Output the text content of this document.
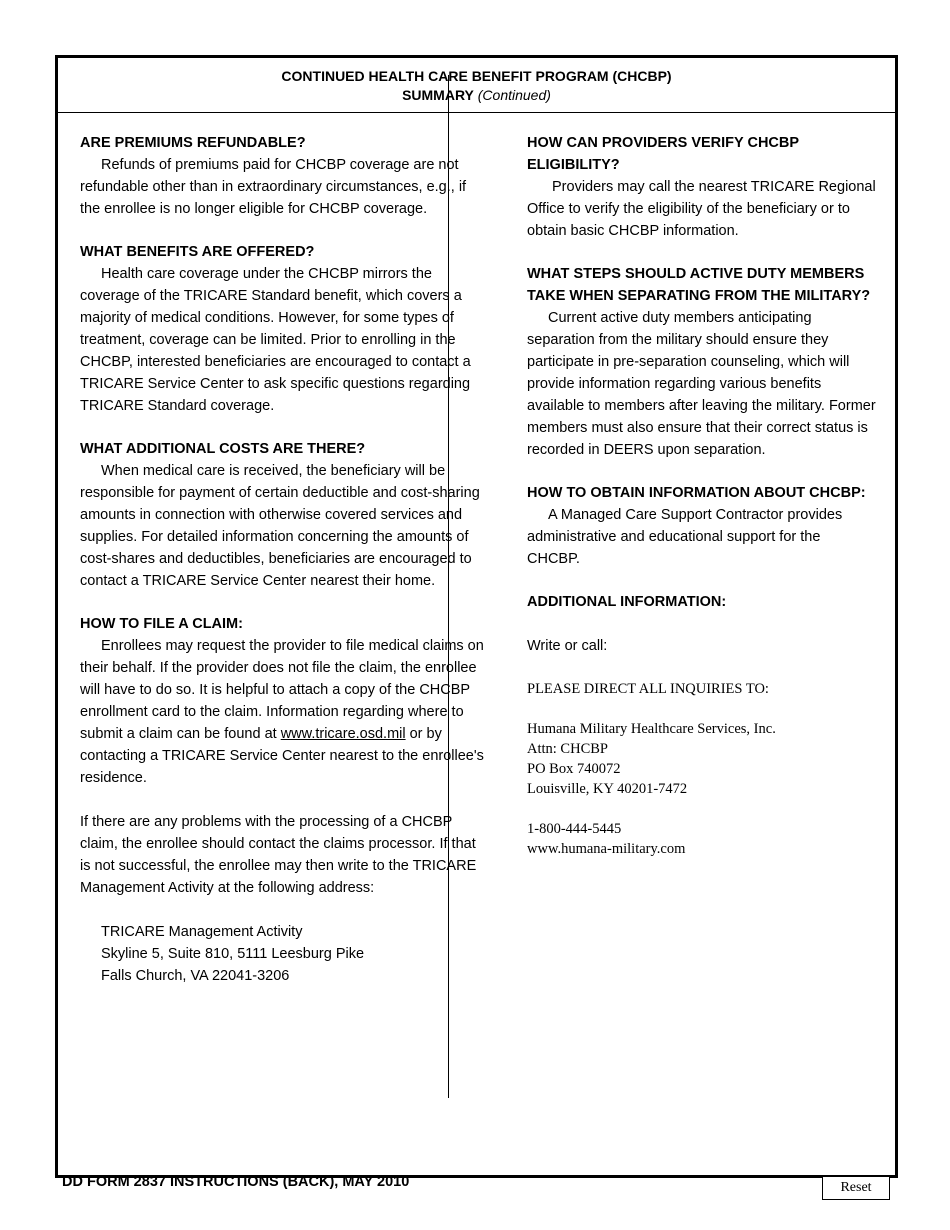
CONTINUED HEALTH CARE BENEFIT PROGRAM (CHCBP)
SUMMARY (Continued)
ARE PREMIUMS REFUNDABLE?
Refunds of premiums paid for CHCBP coverage are not refundable other than in extraordinary circumstances, e.g., if the enrollee is no longer eligible for CHCBP coverage.
WHAT BENEFITS ARE OFFERED?
Health care coverage under the CHCBP mirrors the coverage of the TRICARE Standard benefit, which covers a majority of medical conditions. However, for some types of treatment, coverage can be limited. Prior to enrolling in the CHCBP, interested beneficiaries are encouraged to contact a TRICARE Service Center to ask specific questions regarding TRICARE Standard coverage.
WHAT ADDITIONAL COSTS ARE THERE?
When medical care is received, the beneficiary will be responsible for payment of certain deductible and cost-sharing amounts in connection with otherwise covered services and supplies. For detailed information concerning the amounts of cost-shares and deductibles, beneficiaries are encouraged to contact a TRICARE Service Center nearest their home.
HOW TO FILE A CLAIM:
Enrollees may request the provider to file medical claims on their behalf. If the provider does not file the claim, the enrollee will have to do so. It is helpful to attach a copy of the CHCBP enrollment card to the claim. Information regarding where to submit a claim can be found at www.tricare.osd.mil or by contacting a TRICARE Service Center nearest to the enrollee's residence.
If there are any problems with the processing of a CHCBP claim, the enrollee should contact the claims processor. If that is not successful, the enrollee may then write to the TRICARE Management Activity at the following address:
TRICARE Management Activity
Skyline 5, Suite 810, 5111 Leesburg Pike
Falls Church, VA 22041-3206
HOW CAN PROVIDERS VERIFY CHCBP ELIGIBILITY?
Providers may call the nearest TRICARE Regional Office to verify the eligibility of the beneficiary or to obtain basic CHCBP information.
WHAT STEPS SHOULD ACTIVE DUTY MEMBERS TAKE WHEN SEPARATING FROM THE MILITARY?
Current active duty members anticipating separation from the military should ensure they participate in pre-separation counseling, which will provide information regarding various benefits available to members after leaving the military. Former members must also ensure that their correct status is recorded in DEERS upon separation.
HOW TO OBTAIN INFORMATION ABOUT CHCBP:
A Managed Care Support Contractor provides administrative and educational support for the CHCBP.
ADDITIONAL INFORMATION:
Write or call:
PLEASE DIRECT ALL INQUIRIES TO:
Humana Military Healthcare Services, Inc.
Attn: CHCBP
PO Box 740072
Louisville, KY 40201-7472
1-800-444-5445
www.humana-military.com
DD FORM 2837 INSTRUCTIONS (BACK), MAY 2010	Reset
